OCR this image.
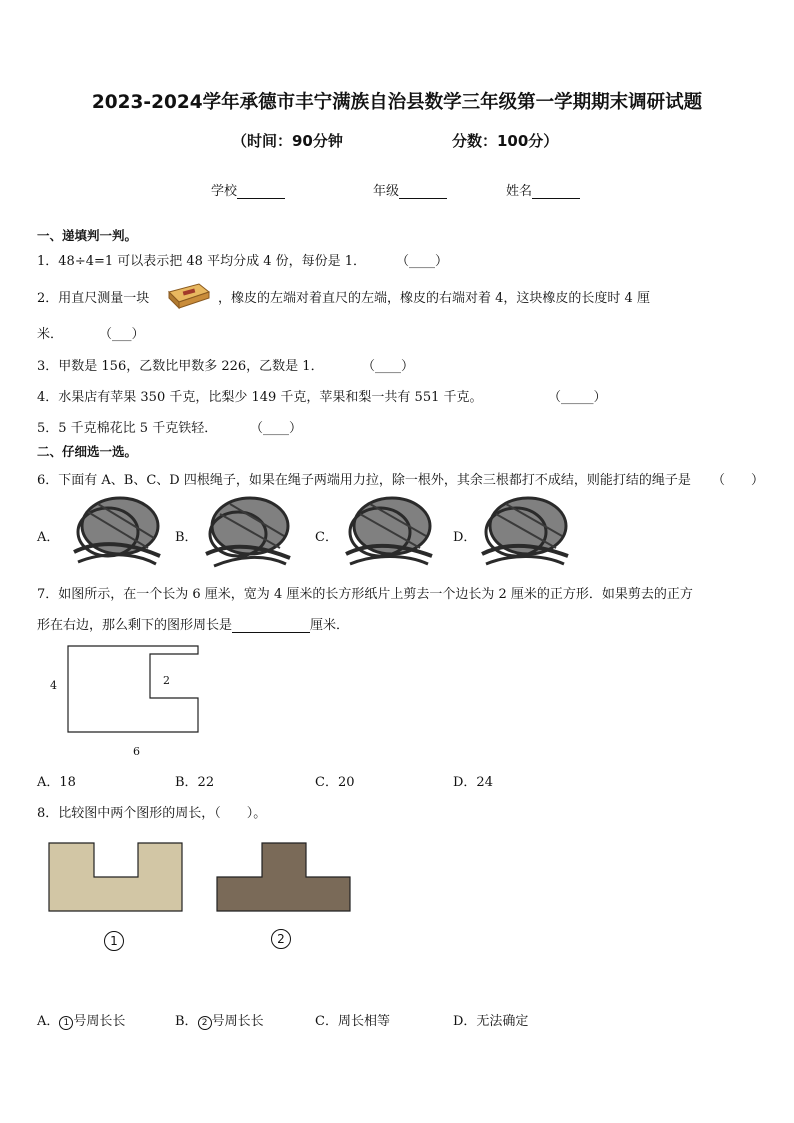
2023-2024学年承德市丰宁满族自治县数学三年级第一学期期末调研试题
（时间：90分钟	分数：100分）
学校	年级	姓名
一、递填判一判。
1．48÷4=1 可以表示把 48 平均分成 4 份，每份是 1． （____）
2．用直尺测量一块	，橡皮的左端对着直尺的左端，橡皮的右端对着 4，这块橡皮的长度时 4 厘
米．	（___）
3．甲数是 156，乙数比甲数多 226，乙数是 1．	（____）
4．水果店有苹果 350 千克，比梨少 149 千克，苹果和梨一共有 551 千克。	（_____）
5．5 千克棉花比 5 千克铁轻．	（____）
二、仔细选一选。
6．下面有 A、B、C、D 四根绳子，如果在绳子两端用力拉，除一根外，其余三根都打不成结，则能打结的绳子是 （　　）
A．	B．	C．	D．
7．如图所示，在一个长为 6 厘米，宽为 4 厘米的长方形纸片上剪去一个边长为 2 厘米的正方形．如果剪去的正方
形在右边，那么剩下的图形周长是	厘米．
4	2
6
A．18	B．22	C．20	D．24
8．比较图中两个图形的周长，（　　）。
1	2
A． 1 号周长长	B． 2 号周长长	C．周长相等	D．无法确定
